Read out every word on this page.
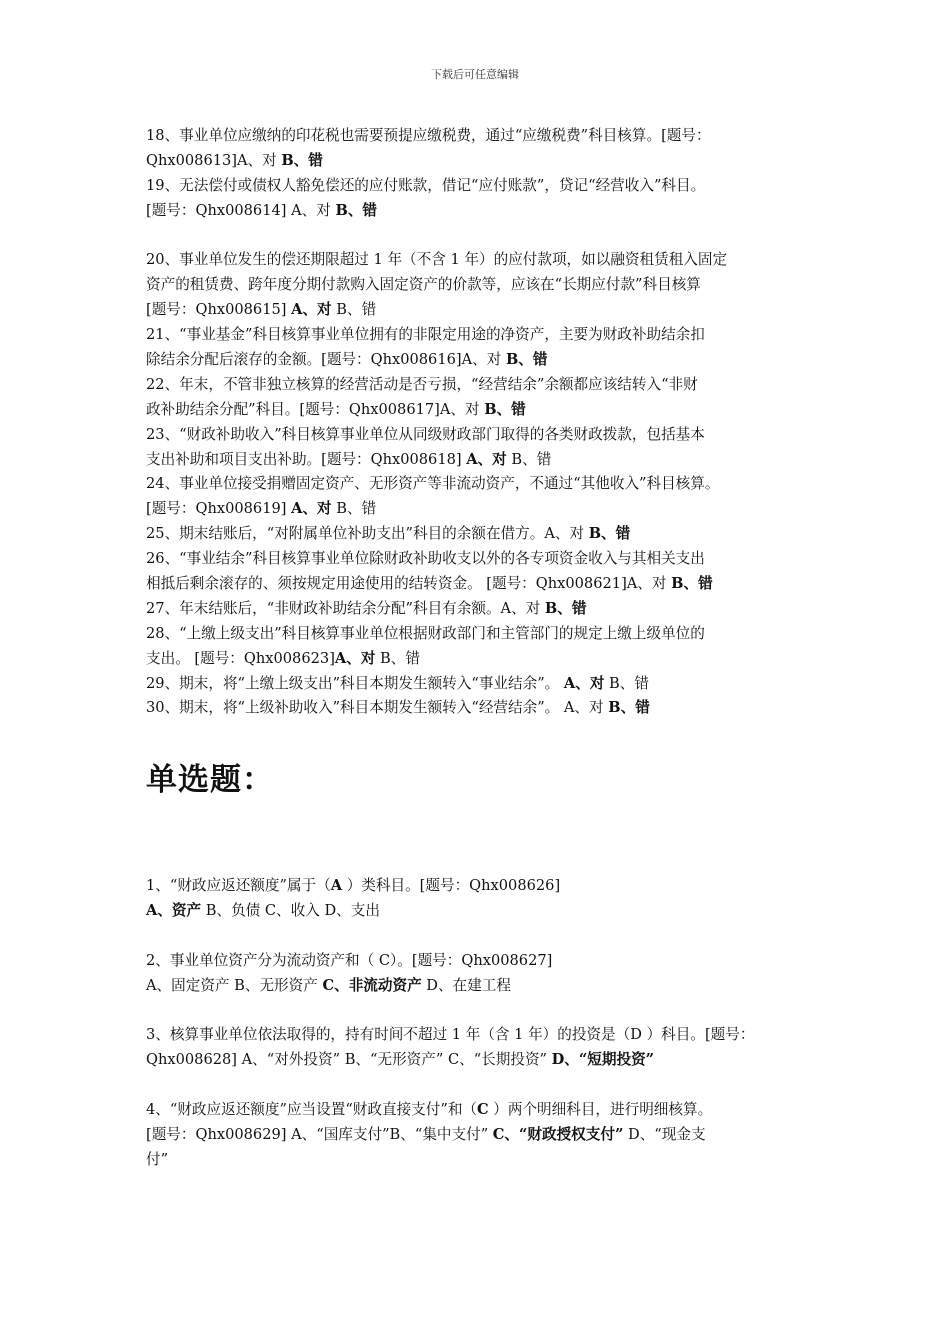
下载后可任意编辑
18、事业单位应缴纳的印花税也需要预提应缴税费，通过“应缴税费”科目核算。[题号：
Qhx008613]A、对 B、错
19、无法偿付或债权人豁免偿还的应付账款，借记“应付账款”，贷记“经营收入”科目。
[题号：Qhx008614] A、对 B、错
20、事业单位发生的偿还期限超过 1 年（不含 1 年）的应付款项，如以融资租赁租入固定
资产的租赁费、跨年度分期付款购入固定资产的价款等，应该在“长期应付款”科目核算
[题号：Qhx008615] A、对 B、错
21、“事业基金”科目核算事业单位拥有的非限定用途的净资产，主要为财政补助结余扣
除结余分配后滚存的金额。[题号：Qhx008616]A、对 B、错
22、年末，不管非独立核算的经营活动是否亏损，“经营结余”余额都应该结转入“非财
政补助结余分配”科目。[题号：Qhx008617]A、对 B、错
23、“财政补助收入”科目核算事业单位从同级财政部门取得的各类财政拨款，包括基本
支出补助和项目支出补助。[题号：Qhx008618] A、对 B、错
24、事业单位接受捐赠固定资产、无形资产等非流动资产，不通过“其他收入”科目核算。
[题号：Qhx008619] A、对 B、错
25、期末结账后，“对附属单位补助支出”科目的余额在借方。A、对 B、错
26、“事业结余”科目核算事业单位除财政补助收支以外的各专项资金收入与其相关支出
相抵后剩余滚存的、须按规定用途使用的结转资金。 [题号：Qhx008621]A、对 B、错
27、年末结账后，“非财政补助结余分配”科目有余额。A、对 B、错
28、“上缴上级支出”科目核算事业单位根据财政部门和主管部门的规定上缴上级单位的
支出。 [题号：Qhx008623]A、对 B、错
29、期末，将“上缴上级支出”科目本期发生额转入“事业结余”。 A、对 B、错
30、期末，将“上级补助收入”科目本期发生额转入“经营结余”。 A、对 B、错
单选题：
1、“财政应返还额度”属于（A ）类科目。[题号：Qhx008626]
A、资产 B、负债 C、收入 D、支出
2、事业单位资产分为流动资产和（ C）。[题号：Qhx008627]
A、固定资产 B、无形资产 C、非流动资产 D、在建工程
3、核算事业单位依法取得的，持有时间不超过 1 年（含 1 年）的投资是（D ）科目。[题号：
Qhx008628] A、“对外投资” B、“无形资产” C、“长期投资” D、“短期投资”
4、“财政应返还额度”应当设置“财政直接支付”和（C ）两个明细科目，进行明细核算。
[题号：Qhx008629] A、“国库支付”B、“集中支付” C、“财政授权支付” D、“现金支
付”
